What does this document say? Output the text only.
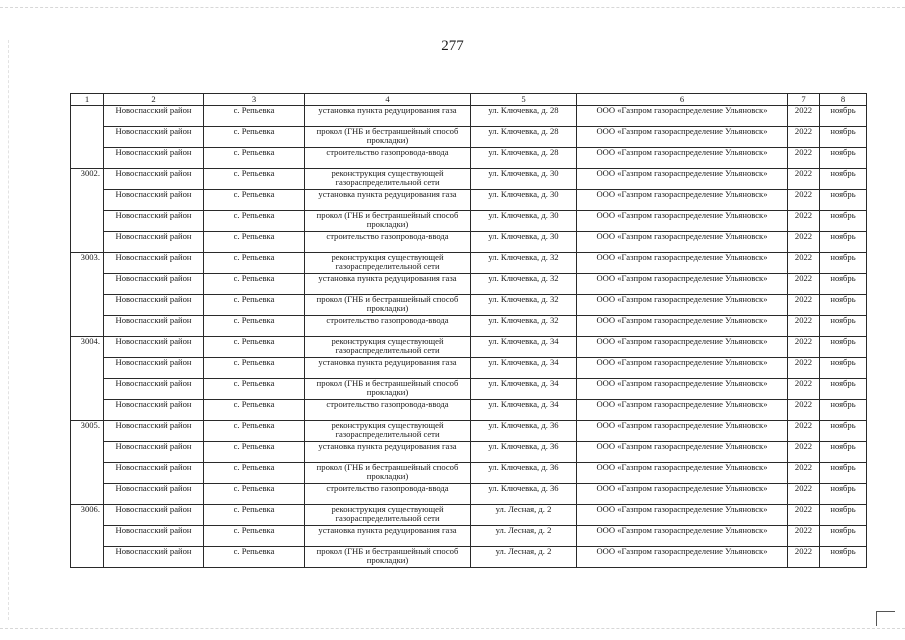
277
1	2	3	4	5	6	7	8
	Новоспасский район	с. Репьевка	установка пункта редуцирования газа	ул. Ключевка, д. 28	ООО «Газпром газораспределение Ульяновск»	2022	ноябрь
	Новоспасский район	с. Репьевка	прокол (ГНБ и бестраншейный способ прокладки)	ул. Ключевка, д. 28	ООО «Газпром газораспределение Ульяновск»	2022	ноябрь
	Новоспасский район	с. Репьевка	строительство газопровода-ввода	ул. Ключевка, д. 28	ООО «Газпром газораспределение Ульяновск»	2022	ноябрь
3002.	Новоспасский район	с. Репьевка	реконструкция существующей газораспределительной сети	ул. Ключевка, д. 30	ООО «Газпром газораспределение Ульяновск»	2022	ноябрь
	Новоспасский район	с. Репьевка	установка пункта редуцирования газа	ул. Ключевка, д. 30	ООО «Газпром газораспределение Ульяновск»	2022	ноябрь
	Новоспасский район	с. Репьевка	прокол (ГНБ и бестраншейный способ прокладки)	ул. Ключевка, д. 30	ООО «Газпром газораспределение Ульяновск»	2022	ноябрь
	Новоспасский район	с. Репьевка	строительство газопровода-ввода	ул. Ключевка, д. 30	ООО «Газпром газораспределение Ульяновск»	2022	ноябрь
3003.	Новоспасский район	с. Репьевка	реконструкция существующей газораспределительной сети	ул. Ключевка, д. 32	ООО «Газпром газораспределение Ульяновск»	2022	ноябрь
	Новоспасский район	с. Репьевка	установка пункта редуцирования газа	ул. Ключевка, д. 32	ООО «Газпром газораспределение Ульяновск»	2022	ноябрь
	Новоспасский район	с. Репьевка	прокол (ГНБ и бестраншейный способ прокладки)	ул. Ключевка, д. 32	ООО «Газпром газораспределение Ульяновск»	2022	ноябрь
	Новоспасский район	с. Репьевка	строительство газопровода-ввода	ул. Ключевка, д. 32	ООО «Газпром газораспределение Ульяновск»	2022	ноябрь
3004.	Новоспасский район	с. Репьевка	реконструкция существующей газораспределительной сети	ул. Ключевка, д. 34	ООО «Газпром газораспределение Ульяновск»	2022	ноябрь
	Новоспасский район	с. Репьевка	установка пункта редуцирования газа	ул. Ключевка, д. 34	ООО «Газпром газораспределение Ульяновск»	2022	ноябрь
	Новоспасский район	с. Репьевка	прокол (ГНБ и бестраншейный способ прокладки)	ул. Ключевка, д. 34	ООО «Газпром газораспределение Ульяновск»	2022	ноябрь
	Новоспасский район	с. Репьевка	строительство газопровода-ввода	ул. Ключевка, д. 34	ООО «Газпром газораспределение Ульяновск»	2022	ноябрь
3005.	Новоспасский район	с. Репьевка	реконструкция существующей газораспределительной сети	ул. Ключевка, д. 36	ООО «Газпром газораспределение Ульяновск»	2022	ноябрь
	Новоспасский район	с. Репьевка	установка пункта редуцирования газа	ул. Ключевка, д. 36	ООО «Газпром газораспределение Ульяновск»	2022	ноябрь
	Новоспасский район	с. Репьевка	прокол (ГНБ и бестраншейный способ прокладки)	ул. Ключевка, д. 36	ООО «Газпром газораспределение Ульяновск»	2022	ноябрь
	Новоспасский район	с. Репьевка	строительство газопровода-ввода	ул. Ключевка, д. 36	ООО «Газпром газораспределение Ульяновск»	2022	ноябрь
3006.	Новоспасский район	с. Репьевка	реконструкция существующей газораспределительной сети	ул. Лесная, д. 2	ООО «Газпром газораспределение Ульяновск»	2022	ноябрь
	Новоспасский район	с. Репьевка	установка пункта редуцирования газа	ул. Лесная, д. 2	ООО «Газпром газораспределение Ульяновск»	2022	ноябрь
	Новоспасский район	с. Репьевка	прокол (ГНБ и бестраншейный способ прокладки)	ул. Лесная, д. 2	ООО «Газпром газораспределение Ульяновск»	2022	ноябрь
